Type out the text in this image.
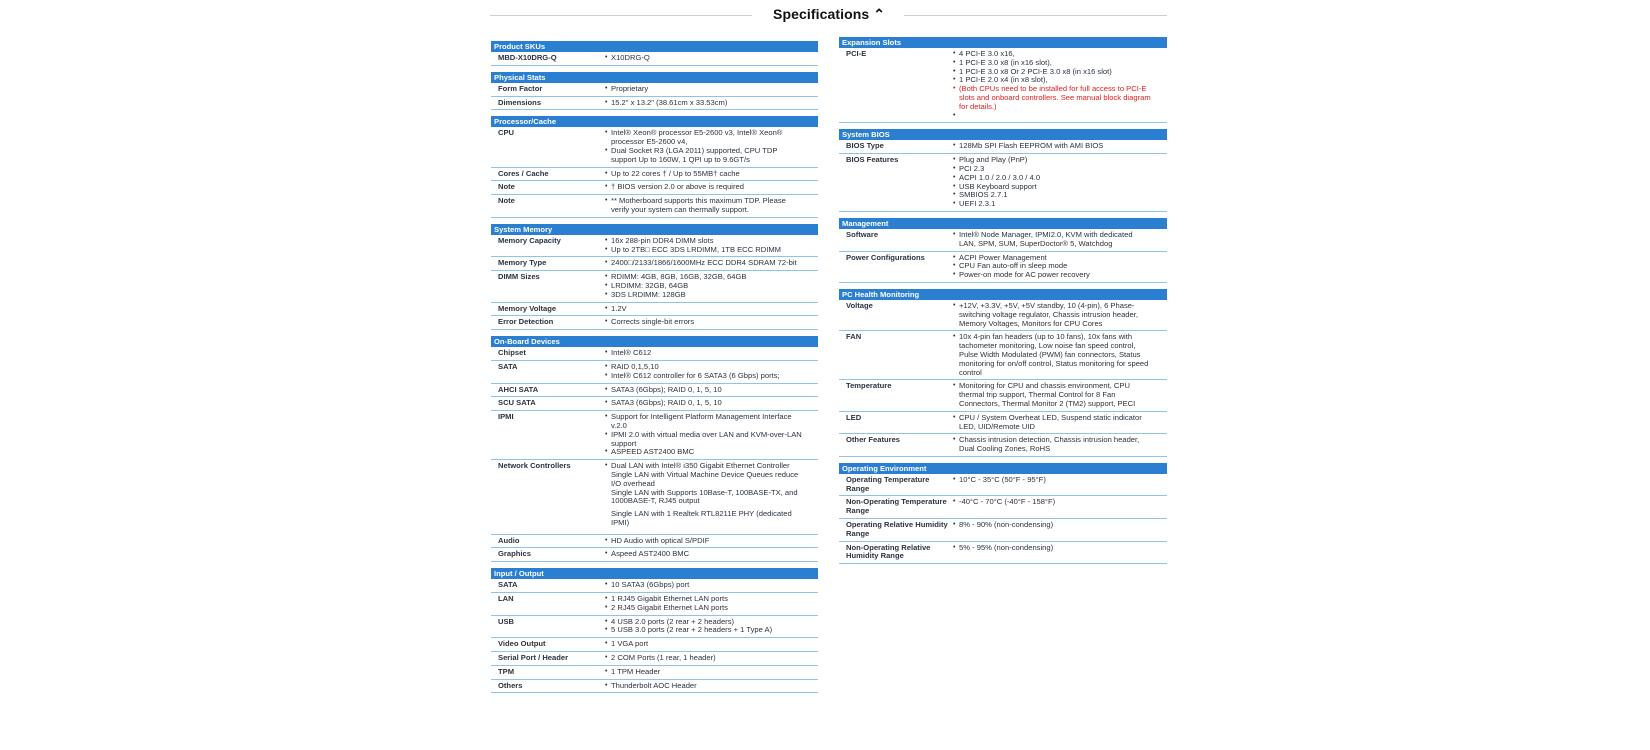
Specifications ⌃
Product SKUs
MBD-X10DRG-Q	• X10DRG-Q
Physical Stats
Form Factor	• Proprietary
Dimensions	• 15.2" x 13.2" (38.61cm x 33.53cm)
Processor/Cache
CPU	• Intel® Xeon® processor E5-2600 v3, Intel® Xeon® processor E5-2600 v4,
• Dual Socket R3 (LGA 2011) supported, CPU TDP support Up to 160W, 1 QPI up to 9.6GT/s
Cores / Cache	• Up to 22 cores † / Up to 55MB† cache
Note	• † BIOS version 2.0 or above is required
Note	• ** Motherboard supports this maximum TDP. Please verify your system can thermally support.
System Memory
Memory Capacity	• 16x 288-pin DDR4 DIMM slots
• Up to 2TB□ ECC 3DS LRDIMM, 1TB ECC RDIMM
Memory Type	• 2400□/2133/1866/1600MHz ECC DDR4 SDRAM 72-bit
DIMM Sizes	• RDIMM: 4GB, 8GB, 16GB, 32GB, 64GB
• LRDIMM: 32GB, 64GB
• 3DS LRDIMM: 128GB
Memory Voltage	• 1.2V
Error Detection	• Corrects single-bit errors
On-Board Devices
Chipset	• Intel® C612
SATA	• RAID 0,1,5,10
• Intel® C612 controller for 6 SATA3 (6 Gbps) ports;
AHCI SATA	• SATA3 (6Gbps); RAID 0, 1, 5, 10
SCU SATA	• SATA3 (6Gbps); RAID 0, 1, 5, 10
IPMI	• Support for Intelligent Platform Management Interface v.2.0
• IPMI 2.0 with virtual media over LAN and KVM-over-LAN support
• ASPEED AST2400 BMC
Network Controllers	• Dual LAN with Intel® i350 Gigabit Ethernet Controller Single LAN with Virtual Machine Device Queues reduce I/O overhead

Single LAN with Supports 10Base-T, 100BASE-TX, and 1000BASE-T, RJ45 output

Single LAN with 1 Realtek RTL8211E PHY (dedicated IPMI)

Audio	• HD Audio with optical S/PDIF
Graphics	• Aspeed AST2400 BMC
Input / Output
SATA	• 10 SATA3 (6Gbps) port
LAN	• 1 RJ45 Gigabit Ethernet LAN ports
• 2 RJ45 Gigabit Ethernet LAN ports
USB	• 4 USB 2.0 ports (2 rear + 2 headers)
• 5 USB 3.0 ports (2 rear + 2 headers + 1 Type A)
Video Output	• 1 VGA port
Serial Port / Header	• 2 COM Ports (1 rear, 1 header)
TPM	• 1 TPM Header
Others	• Thunderbolt AOC Header
Expansion Slots
PCI-E	• 4 PCI-E 3.0 x16,
• 1 PCI-E 3.0 x8 (in x16 slot),
• 1 PCI-E 3.0 x8 Or 2 PCI-E 3.0 x8 (in x16 slot)
• 1 PCI-E 2.0 x4 (in x8 slot),
• (Both CPUs need to be installed for full access to PCI-E slots and onboard controllers. See manual block diagram for details.)
•
System BIOS
BIOS Type	• 128Mb SPI Flash EEPROM with AMI BIOS
BIOS Features	• Plug and Play (PnP)
• PCI 2.3
• ACPI 1.0 / 2.0 / 3.0 / 4.0
• USB Keyboard support
• SMBIOS 2.7.1
• UEFI 2.3.1
Management
Software	• Intel® Node Manager, IPMI2.0, KVM with dedicated LAN, SPM, SUM, SuperDoctor® 5, Watchdog
Power Configurations	• ACPI Power Management
• CPU Fan auto-off in sleep mode
• Power-on mode for AC power recovery
PC Health Monitoring
Voltage	• +12V, +3.3V, +5V, +5V standby, 10 (4-pin), 6 Phase-switching voltage regulator, Chassis intrusion header, Memory Voltages, Monitors for CPU Cores
FAN	• 10x 4-pin fan headers (up to 10 fans), 10x fans with tachometer monitoring, Low noise fan speed control, Pulse Width Modulated (PWM) fan connectors, Status monitoring for on/off control, Status monitoring for speed control
Temperature	• Monitoring for CPU and chassis environment, CPU thermal trip support, Thermal Control for 8 Fan Connectors, Thermal Monitor 2 (TM2) support, PECI
LED	• CPU / System Overheat LED, Suspend static indicator LED, UID/Remote UID
Other Features	• Chassis intrusion detection, Chassis intrusion header, Dual Cooling Zones, RoHS
Operating Environment
Operating Temperature Range
• 10°C - 35°C (50°F - 95°F)
Non-Operating Temperature Range
• -40°C - 70°C (-40°F - 158°F)
Operating Relative Humidity Range
• 8% - 90% (non-condensing)
Non-Operating Relative Humidity Range
• 5% - 95% (non-condensing)
